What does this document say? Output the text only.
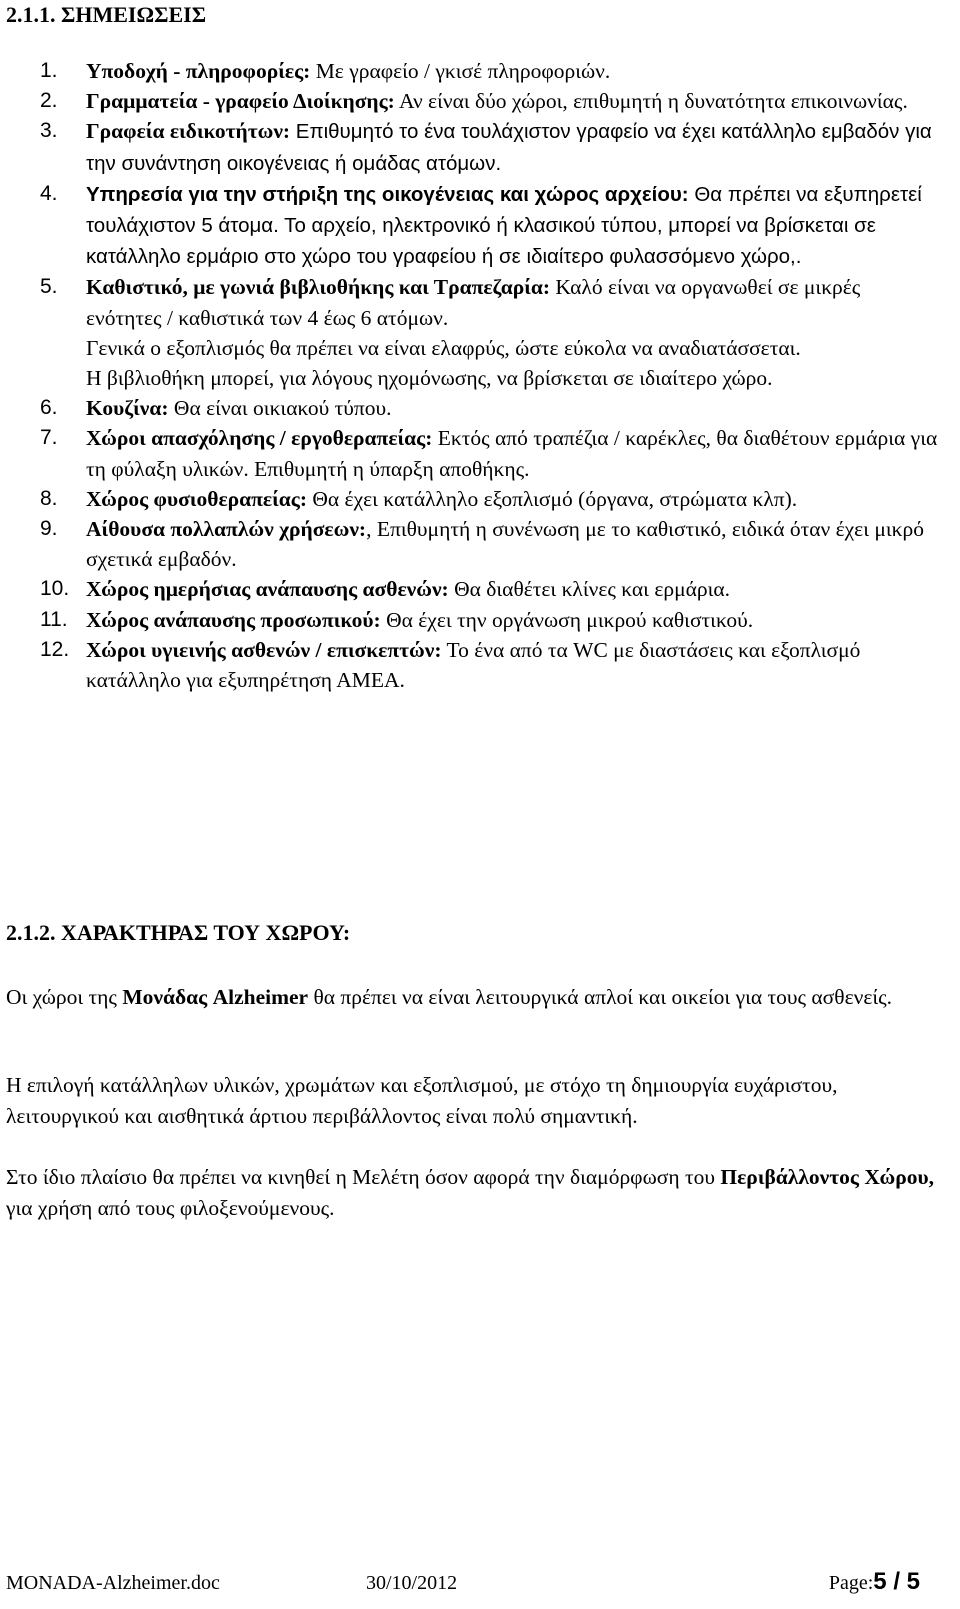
2.1.1. ΣΗΜΕΙΩΣΕΙΣ
1.	Υποδοχή - πληροφορίες: Με γραφείο / γκισέ πληροφοριών.
2.	Γραμματεία - γραφείο Διοίκησης: Αν είναι δύο χώροι, επιθυμητή η δυνατότητα επικοινωνίας.
3.	Γραφεία ειδικοτήτων: Επιθυμητό το ένα τουλάχιστον γραφείο να έχει κατάλληλο εμβαδόν για την συνάντηση οικογένειας ή ομάδας ατόμων.
4.	Υπηρεσία για την στήριξη της οικογένειας και χώρος αρχείου: Θα πρέπει να εξυπηρετεί τουλάχιστον 5 άτομα. Το αρχείο, ηλεκτρονικό ή κλασικού τύπου, μπορεί να βρίσκεται σε κατάλληλο ερμάριο στο χώρο του γραφείου ή σε ιδιαίτερο φυλασσόμενο χώρο,.
5.	Καθιστικό, με γωνιά βιβλιοθήκης και Τραπεζαρία: Καλό είναι να οργανωθεί σε μικρές ενότητες / καθιστικά των 4 έως 6 ατόμων.
Γενικά ο εξοπλισμός θα πρέπει να είναι ελαφρύς, ώστε εύκολα να αναδιατάσσεται.
Η βιβλιοθήκη μπορεί, για λόγους ηχομόνωσης, να βρίσκεται σε ιδιαίτερο χώρο.
6.	Κουζίνα: Θα είναι οικιακού τύπου.
7.	Χώροι απασχόλησης / εργοθεραπείας: Εκτός από τραπέζια / καρέκλες, θα διαθέτουν ερμάρια για τη φύλαξη υλικών. Επιθυμητή η ύπαρξη αποθήκης.
8.	Χώρος φυσιοθεραπείας: Θα έχει κατάλληλο εξοπλισμό (όργανα, στρώματα κλπ).
9.	Αίθουσα πολλαπλών χρήσεων:, Επιθυμητή η συνένωση με το καθιστικό, ειδικά όταν έχει μικρό σχετικά εμβαδόν.
10. Χώρος ημερήσιας ανάπαυσης ασθενών: Θα διαθέτει κλίνες και ερμάρια.
11. Χώρος ανάπαυσης προσωπικού: Θα έχει την οργάνωση μικρού καθιστικού.
12. Χώροι υγιεινής ασθενών / επισκεπτών: Το ένα από τα WC με διαστάσεις και εξοπλισμό κατάλληλο για εξυπηρέτηση ΑΜΕΑ.
2.1.2. ΧΑΡΑΚΤΗΡΑΣ ΤΟΥ ΧΩΡΟΥ:

Οι χώροι της Μονάδας Alzheimer θα πρέπει να είναι λειτουργικά απλοί και οικείοι για τους ασθενείς.

Η επιλογή κατάλληλων υλικών, χρωμάτων και εξοπλισμού, με στόχο τη δημιουργία ευχάριστου, λειτουργικού και αισθητικά άρτιου περιβάλλοντος είναι πολύ σημαντική.

Στο ίδιο πλαίσιο θα πρέπει να κινηθεί η Μελέτη όσον αφορά την διαμόρφωση του Περιβάλλοντος Χώρου, για χρήση από τους φιλοξενούμενους.

MONADA-Alzheimer.doc	30/10/2012	Page:5 / 5
